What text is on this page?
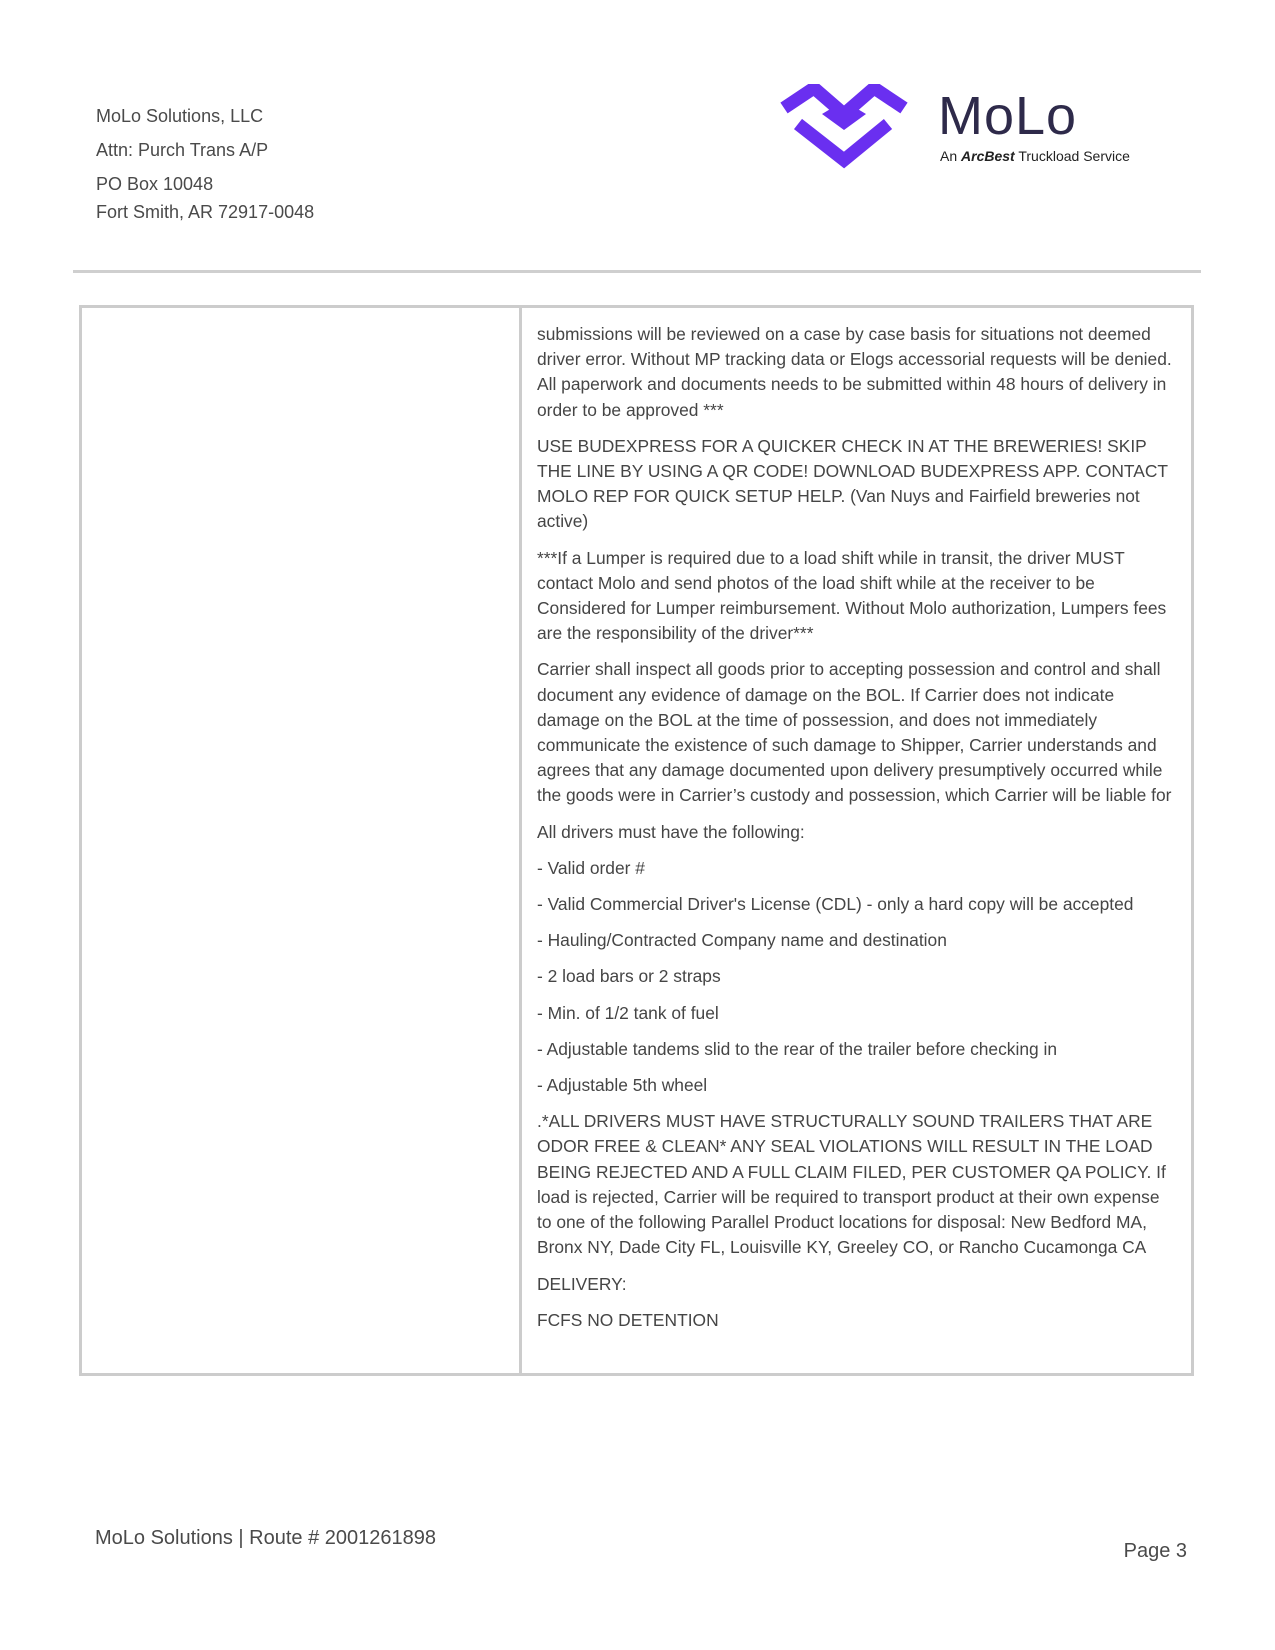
MoLo Solutions, LLC
Attn: Purch Trans A/P
PO Box 10048
Fort Smith, AR 72917-0048
MoLo
An ArcBest Truckload Service

submissions will be reviewed on a case by case basis for situations not deemed driver error. Without MP tracking data or Elogs accessorial requests will be denied. All paperwork and documents needs to be submitted within 48 hours of delivery in order to be approved ***

USE BUDEXPRESS FOR A QUICKER CHECK IN AT THE BREWERIES! SKIP THE LINE BY USING A QR CODE! DOWNLOAD BUDEXPRESS APP. CONTACT MOLO REP FOR QUICK SETUP HELP. (Van Nuys and Fairfield breweries not active)

***If a Lumper is required due to a load shift while in transit, the driver MUST contact Molo and send photos of the load shift while at the receiver to be Considered for Lumper reimbursement. Without Molo authorization, Lumpers fees are the responsibility of the driver***

Carrier shall inspect all goods prior to accepting possession and control and shall document any evidence of damage on the BOL. If Carrier does not indicate damage on the BOL at the time of possession, and does not immediately communicate the existence of such damage to Shipper, Carrier understands and agrees that any damage documented upon delivery presumptively occurred while the goods were in Carrier’s custody and possession, which Carrier will be liable for

All drivers must have the following:

- Valid order #

- Valid Commercial Driver's License (CDL) - only a hard copy will be accepted

- Hauling/Contracted Company name and destination

- 2 load bars or 2 straps

- Min. of 1/2 tank of fuel

- Adjustable tandems slid to the rear of the trailer before checking in

- Adjustable 5th wheel

.*ALL DRIVERS MUST HAVE STRUCTURALLY SOUND TRAILERS THAT ARE ODOR FREE & CLEAN* ANY SEAL VIOLATIONS WILL RESULT IN THE LOAD BEING REJECTED AND A FULL CLAIM FILED, PER CUSTOMER QA POLICY. If load is rejected, Carrier will be required to transport product at their own expense to one of the following Parallel Product locations for disposal: New Bedford MA, Bronx NY, Dade City FL, Louisville KY, Greeley CO, or Rancho Cucamonga CA

DELIVERY:

FCFS NO DETENTION

MoLo Solutions | Route # 2001261898
Page 3
